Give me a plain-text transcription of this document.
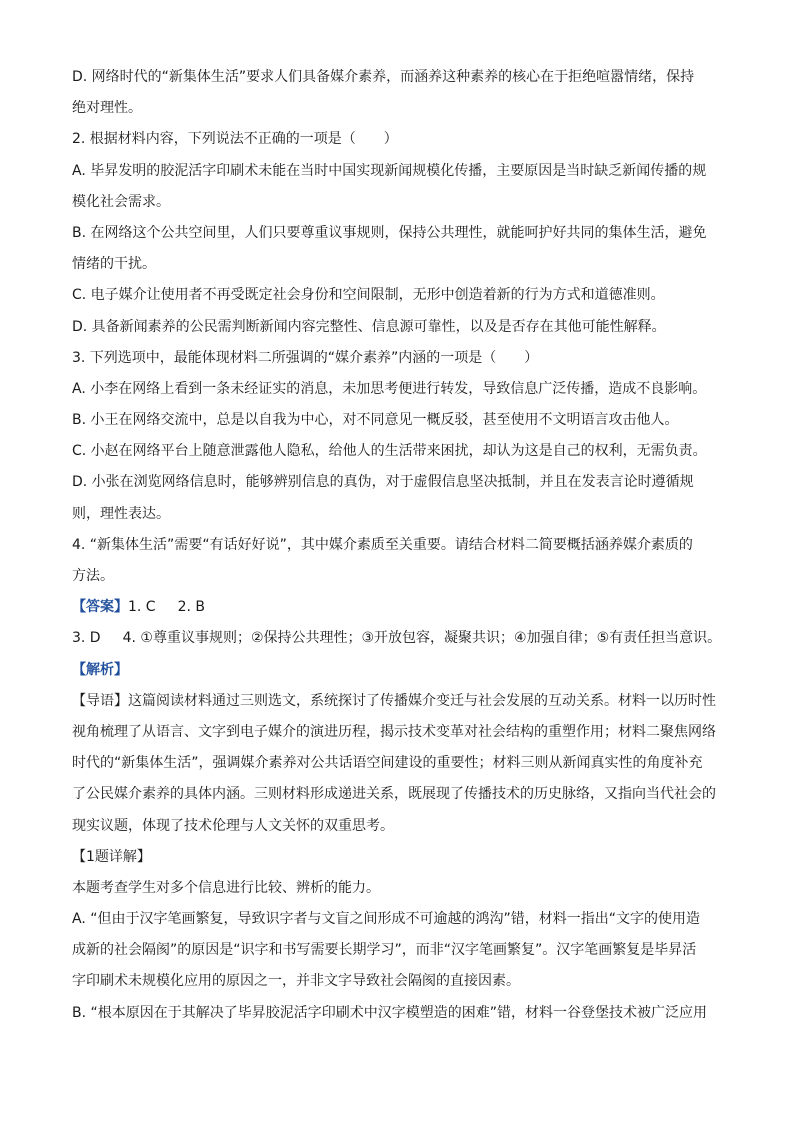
D. 网络时代的“新集体生活”要求人们具备媒介素养，而涵养这种素养的核心在于拒绝喧嚣情绪，保持
绝对理性。
2. 根据材料内容，下列说法不正确的一项是（　　）
A. 毕昇发明的胶泥活字印刷术未能在当时中国实现新闻规模化传播，主要原因是当时缺乏新闻传播的规
模化社会需求。
B. 在网络这个公共空间里，人们只要尊重议事规则，保持公共理性，就能呵护好共同的集体生活，避免
情绪的干扰。
C. 电子媒介让使用者不再受既定社会身份和空间限制，无形中创造着新的行为方式和道德准则。
D. 具备新闻素养的公民需判断新闻内容完整性、信息源可靠性，以及是否存在其他可能性解释。
3. 下列选项中，最能体现材料二所强调的“媒介素养”内涵的一项是（　　）
A. 小李在网络上看到一条未经证实的消息，未加思考便进行转发，导致信息广泛传播，造成不良影响。
B. 小王在网络交流中，总是以自我为中心，对不同意见一概反驳，甚至使用不文明语言攻击他人。
C. 小赵在网络平台上随意泄露他人隐私，给他人的生活带来困扰，却认为这是自己的权利，无需负责。
D. 小张在浏览网络信息时，能够辨别信息的真伪，对于虚假信息坚决抵制，并且在发表言论时遵循规
则，理性表达。
4. “新集体生活”需要“有话好好说”，其中媒介素质至关重要。请结合材料二简要概括涵养媒介素质的
方法。
【答案】1. C 2. B
3. D 4. ①尊重议事规则；②保持公共理性；③开放包容，凝聚共识；④加强自律；⑤有责任担当意识。
【解析】
【导语】这篇阅读材料通过三则选文，系统探讨了传播媒介变迁与社会发展的互动关系。材料一以历时性
视角梳理了从语言、文字到电子媒介的演进历程，揭示技术变革对社会结构的重塑作用；材料二聚焦网络
时代的“新集体生活”，强调媒介素养对公共话语空间建设的重要性；材料三则从新闻真实性的角度补充
了公民媒介素养的具体内涵。三则材料形成递进关系，既展现了传播技术的历史脉络，又指向当代社会的
现实议题，体现了技术伦理与人文关怀的双重思考。
【1题详解】
本题考查学生对多个信息进行比较、辨析的能力。
A. “但由于汉字笔画繁复，导致识字者与文盲之间形成不可逾越的鸿沟”错，材料一指出“文字的使用造
成新的社会隔阂”的原因是“识字和书写需要长期学习”，而非“汉字笔画繁复”。汉字笔画繁复是毕昇活
字印刷术未规模化应用的原因之一，并非文字导致社会隔阂的直接因素。
B. “根本原因在于其解决了毕昇胶泥活字印刷术中汉字模塑造的困难”错，材料一谷登堡技术被广泛应用
